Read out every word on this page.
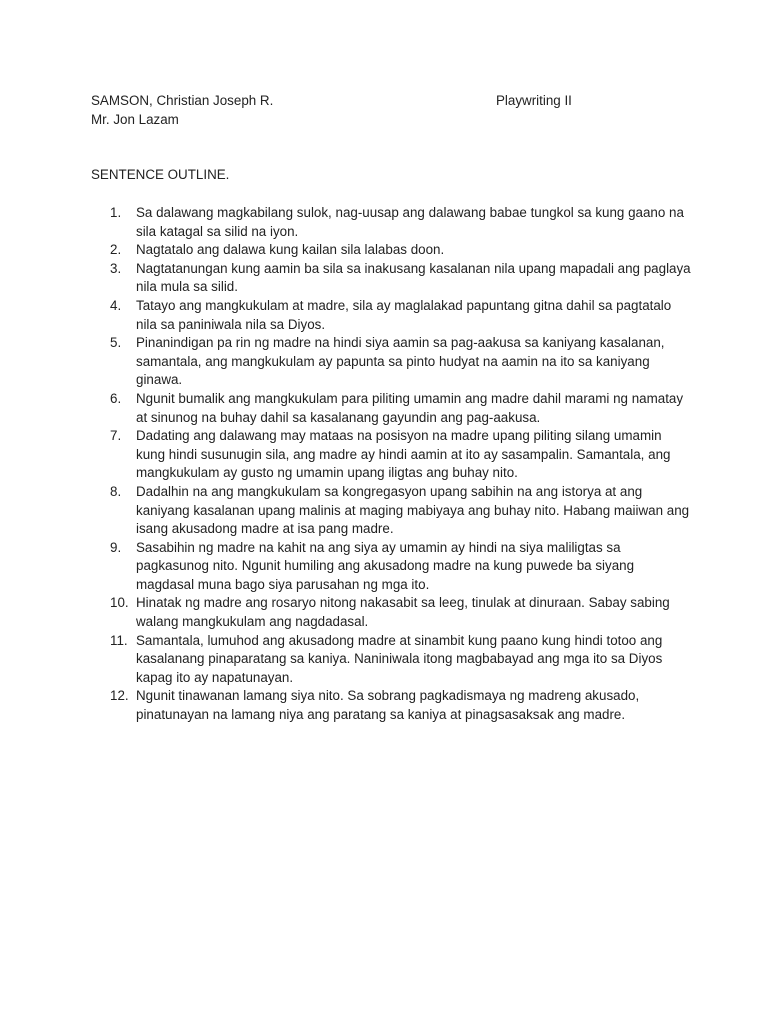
SAMSON, Christian Joseph R.	Playwriting II
Mr. Jon Lazam
SENTENCE OUTLINE.
1. Sa dalawang magkabilang sulok, nag-uusap ang dalawang babae tungkol sa kung gaano na sila katagal sa silid na iyon.
2. Nagtatalo ang dalawa kung kailan sila lalabas doon.
3. Nagtatanungan kung aamin ba sila sa inakusang kasalanan nila upang mapadali ang paglaya nila mula sa silid.
4. Tatayo ang mangkukulam at madre, sila ay maglalakad papuntang gitna dahil sa pagtatalo nila sa paniniwala nila sa Diyos.
5. Pinanindigan pa rin ng madre na hindi siya aamin sa pag-aakusa sa kaniyang kasalanan, samantala, ang mangkukulam ay papunta sa pinto hudyat na aamin na ito sa kaniyang ginawa.
6. Ngunit bumalik ang mangkukulam para piliting umamin ang madre dahil marami ng namatay at sinunog na buhay dahil sa kasalanang gayundin ang pag-aakusa.
7. Dadating ang dalawang may mataas na posisyon na madre upang piliting silang umamin kung hindi susunugin sila, ang madre ay hindi aamin at ito ay sasampalin. Samantala, ang mangkukulam ay gusto ng umamin upang iligtas ang buhay nito.
8. Dadalhin na ang mangkukulam sa kongregasyon upang sabihin na ang istorya at ang kaniyang kasalanan upang malinis at maging mabiyaya ang buhay nito. Habang maiiwan ang isang akusadong madre at isa pang madre.
9. Sasabihin ng madre na kahit na ang siya ay umamin ay hindi na siya maliligtas sa pagkasunog nito. Ngunit humiling ang akusadong madre na kung puwede ba siyang magdasal muna bago siya parusahan ng mga ito.
10. Hinatak ng madre ang rosaryo nitong nakasabit sa leeg, tinulak at dinuraan. Sabay sabing walang mangkukulam ang nagdadasal.
11. Samantala, lumuhod ang akusadong madre at sinambit kung paano kung hindi totoo ang kasalanang pinaparatang sa kaniya. Naniniwala itong magbabayad ang mga ito sa Diyos kapag ito ay napatunayan.
12. Ngunit tinawanan lamang siya nito. Sa sobrang pagkadismaya ng madreng akusado, pinatunayan na lamang niya ang paratang sa kaniya at pinagsasaksak ang madre.
